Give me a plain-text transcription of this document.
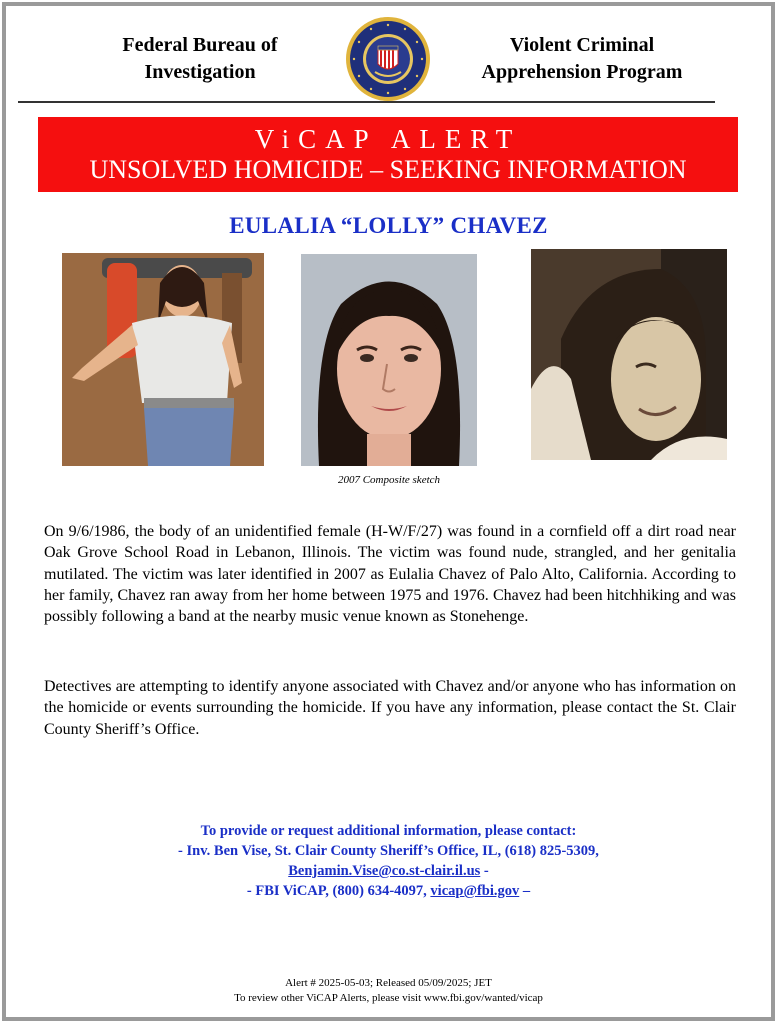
Federal Bureau of
Investigation
Violent Criminal
Apprehension Program
ViCAP ALERT
UNSOLVED HOMICIDE – SEEKING INFORMATION
EULALIA “LOLLY” CHAVEZ
2007 Composite sketch

On 9/6/1986, the body of an unidentified female (H-W/F/27) was found in a cornfield off a dirt road near Oak Grove School Road in Lebanon, Illinois. The victim was found nude, strangled, and her genitalia mutilated. The victim was later identified in 2007 as Eulalia Chavez of Palo Alto, California. According to her family, Chavez ran away from her home between 1975 and 1976. Chavez had been hitchhiking and was possibly following a band at the nearby music venue known as Stonehenge.

Detectives are attempting to identify anyone associated with Chavez and/or anyone who has information on the homicide or events surrounding the homicide. If you have any information, please contact the St. Clair County Sheriff’s Office.

To provide or request additional information, please contact:
- Inv. Ben Vise, St. Clair County Sheriff’s Office, IL, (618) 825-5309,
Benjamin.Vise@co.st-clair.il.us -
- FBI ViCAP, (800) 634-4097, vicap@fbi.gov –
Alert # 2025-05-03; Released 05/09/2025; JET
To review other ViCAP Alerts, please visit www.fbi.gov/wanted/vicap
